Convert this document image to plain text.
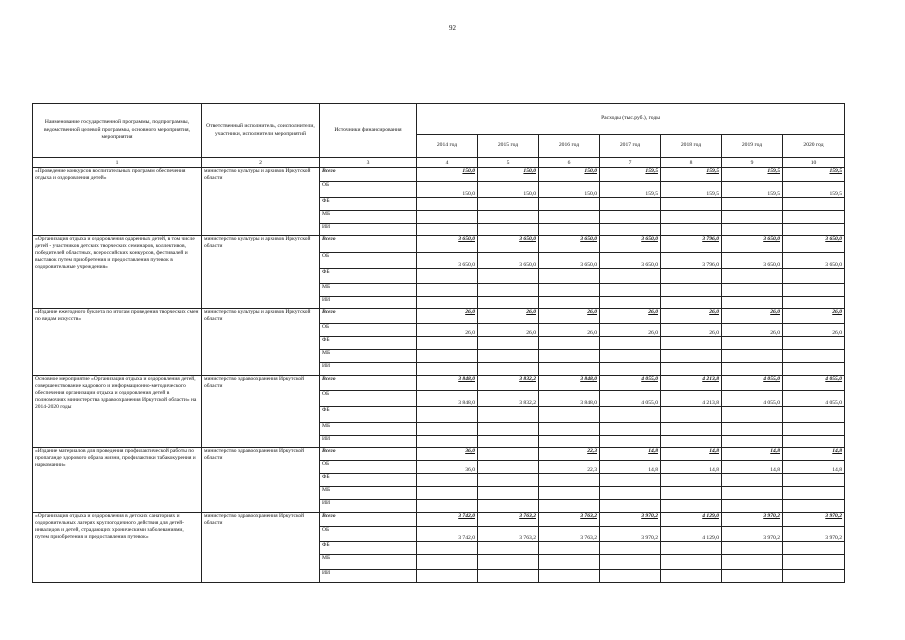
92
Наименование государственной программы, подпрограммы, ведомственной целевой программы, основного мероприятия, мероприятия	Ответственный исполнитель, соисполнители, участники, исполнители мероприятий	Источники финансирования	Расходы (тыс.руб.), годы						
			2014 год	2015 год	2016 год	2017 год	2018 год	2019 год	2020 год
1	2	3	4	5	6	7	8	9	10
«Проведение конкурсов воспитательных программ обеспечения отдыха и оздоровления детей»	министерство культуры и архивов Иркутской области	Всего	150,0	150,0	150,0	159,5	159,5	159,5	159,5
		ОБ	150,0	150,0	150,0	159,5	159,5	159,5	159,5
		ФБ							
		МБ							
		ИИ							
«Организация отдыха и оздоровления одаренных детей, в том числе детей - участников детских творческих семинаров, коллективов, победителей областных, всероссийских конкурсов, фестивалей и выставок путем приобретения и предоставления путевок в оздоровительные учреждения»	министерство культуры и архивов Иркутской области	Всего	3 650,0	3 650,0	3 650,0	3 650,0	3 796,0	3 650,0	3 650,0
		ОБ	3 650,0	3 650,0	3 650,0	3 650,0	3 796,0	3 650,0	3 650,0
		ФБ							
		МБ							
		ИИ							
«Издание ежегодного буклета по итогам проведения творческих смен по видам искусств»	министерство культуры и архивов Иркутской области	Всего	26,0	26,0	26,0	26,0	26,0	26,0	26,0
		ОБ	26,0	26,0	26,0	26,0	26,0	26,0	26,0
		ФБ							
		МБ							
		ИИ							
Основное мероприятие «Организация отдыха и оздоровления детей, совершенствование кадрового и информационно-методического обеспечения организации отдыха и оздоровления детей в полномочиях министерства здравоохранения Иркутской области» на 2014-2020 годы	министерство здравоохранения Иркутской области	Всего	3 848,0	3 832,2	3 848,0	4 055,0	4 213,8	4 055,0	4 055,0
		ОБ	3 848,0	3 832,2	3 848,0	4 055,0	4 213,8	4 055,0	4 055,0
		ФБ							
		МБ							
		ИИ							
«Издание материалов для проведения профилактической работы по пропаганде здорового образа жизни, профилактики табакокурения и наркомании»	министерство здравоохранения Иркутской области	Всего	36,0		22,3	14,8	14,8	14,8	14,8
		ОБ	36,0		22,3	14,8	14,8	14,8	14,8
		ФБ							
		МБ							
		ИИ							
«Организация отдыха и оздоровления в детских санаториях и оздоровительных лагерях круглогодичного действия для детей-инвалидов и детей, страдающих хроническими заболеваниями, путем приобретения и предоставления путевок»	министерство здравоохранения Иркутской области	Всего	3 742,0	3 763,2	3 763,2	3 970,2	4 129,0	3 970,2	3 970,2
		ОБ	3 742,0	3 763,2	3 763,2	3 970,2	4 129,0	3 970,2	3 970,2
		ФБ							
		МБ							
		ИИ							
